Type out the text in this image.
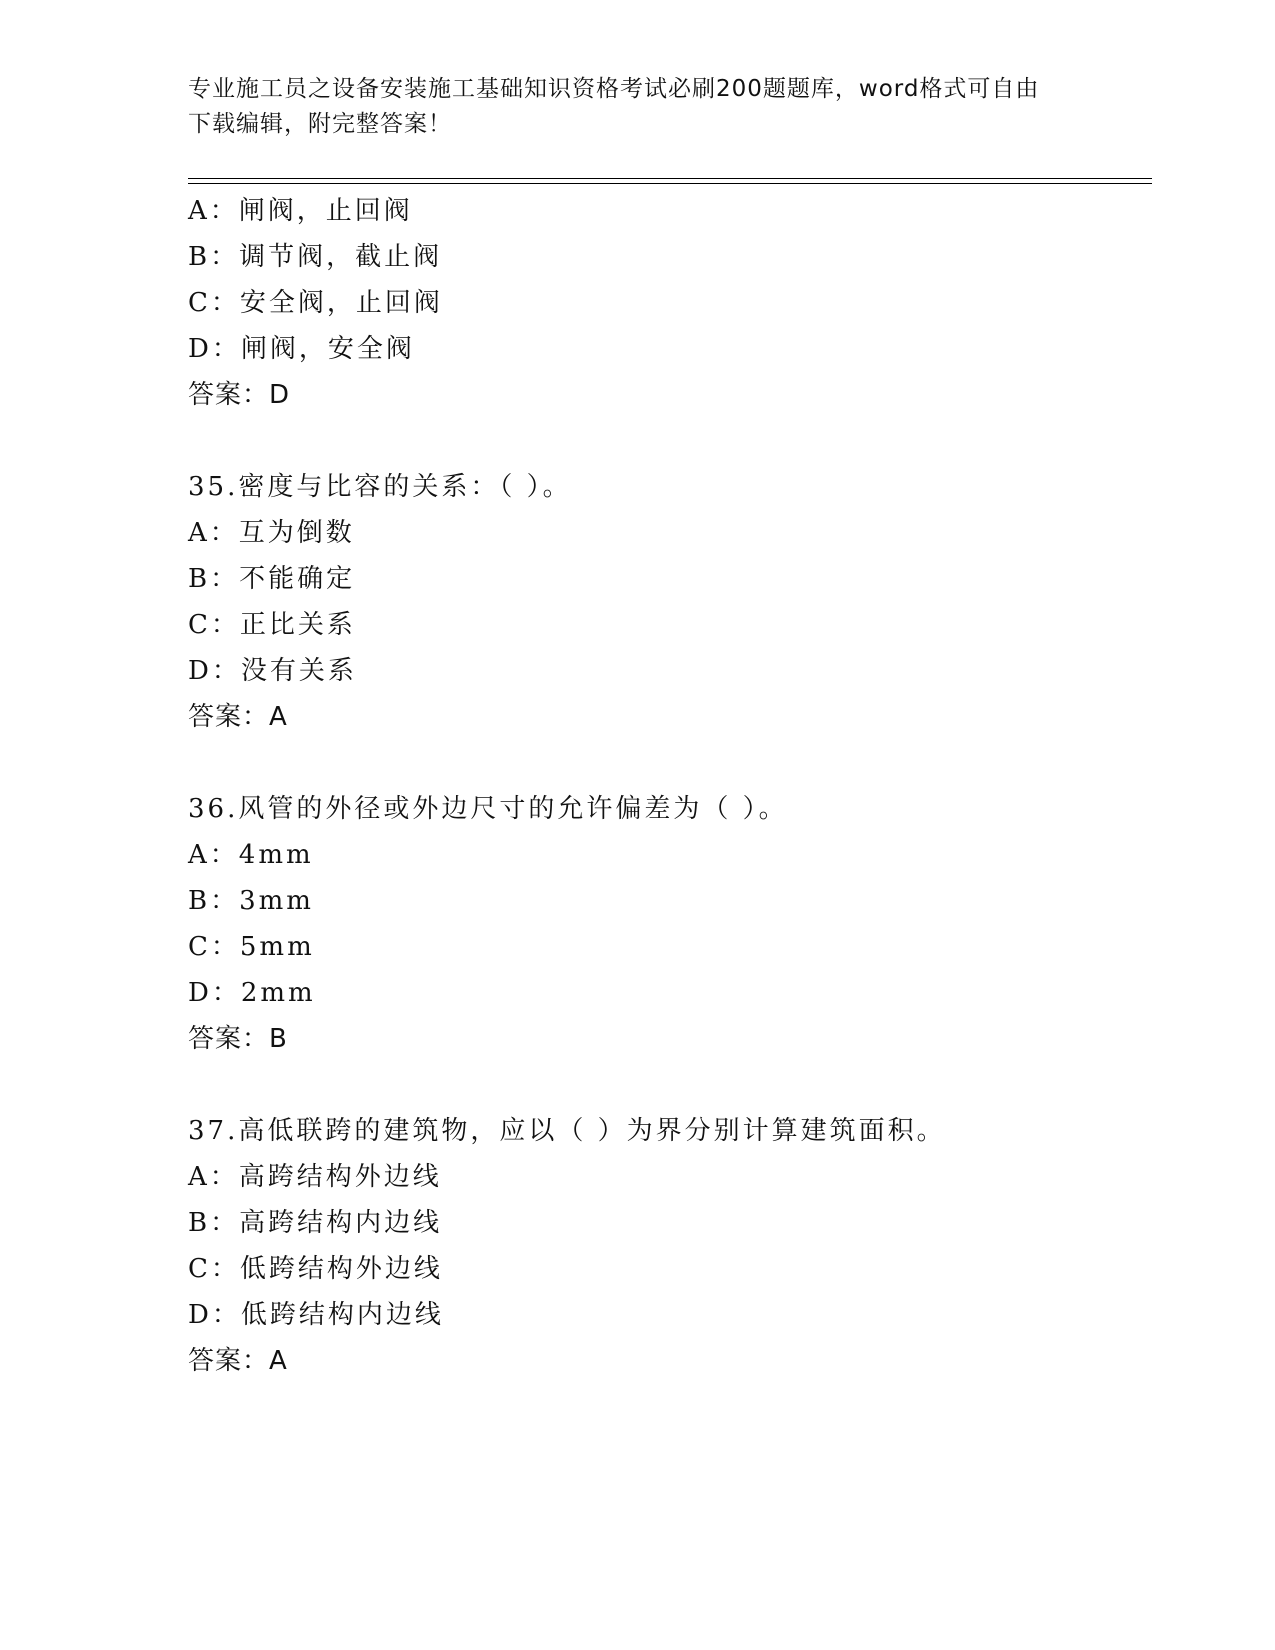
专业施工员之设备安装施工基础知识资格考试必刷200题题库，word格式可自由
下载编辑，附完整答案！
A：闸阀，止回阀
B：调节阀，截止阀
C：安全阀，止回阀
D：闸阀，安全阀
答案：D
35.密度与比容的关系：（ ）。
A：互为倒数
B：不能确定
C：正比关系
D：没有关系
答案：A
36.风管的外径或外边尺寸的允许偏差为（ ）。
A：4mm
B：3mm
C：5mm
D：2mm
答案：B
37.高低联跨的建筑物，应以（ ）为界分别计算建筑面积。
A：高跨结构外边线
B：高跨结构内边线
C：低跨结构外边线
D：低跨结构内边线
答案：A
